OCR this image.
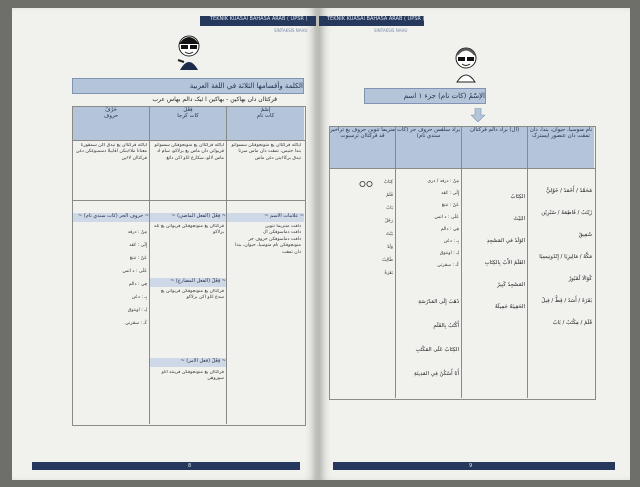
TEKNIK KUASAI BAHASA ARAB ( UPSR )
SINTAKSIS NAHU
الكلمة وأقسامها الثلاثة في اللغة العربية
قرکتاان دان بهاکين - بهاکين ا ئيک دالم بهاس عرب
إسْمٌ
كات نام
فِعْلٌ
كات كرجا
حَرْفٌ
حروف
ايائله قرکتاان يغ منونجوقکن سسواتو بندا جنيس، تمڤت دان ماس سرتا تيدق برکاءيتن دغن ماس
ايائله قرکتاان يغ منونجوقکن سسواتو ڤربواتن دان ماس يغ برلاکو، سام اد ماس لالو، سکارغ اتاو اکن داتغ
ايائله قرکتاان يغ تيدق اکن سمڤورنا معنانا ملاءينکن اڤابيلا دسمبوغکن دغن قرکتاان لاءين
~ علامات الاسم ~
دافت مننريما تنوين
دافت دماسوقکن ال
دافت دماسوقکن حروف جر
منونجوقکن نام منوسيا، حيوان، بندا دان تمڤت
~ فِعْلٌ (الفعل الماضي) ~
قرکتاان يغ منونجوقکن ڤربواتن يغ تله برلاکو
~ فِعْلٌ (الفعل المضارع) ~
قرکتاان يغ منونجوقکن ڤربواتن يغ سدغ اتاو اکن برلاکو
~ فِعْلٌ (فعل الأمر) ~
قرکتاان يغ منونجوقکن ڤرينته اتاو سوروهن
~ حروف الجر (كات سندي نام) ~
مِنْ : درڤد
إِلَى : کڤد
عَنْ : تنتڠ
عَلَى : د اتس
فِي : دالم
بِـ : دڠن
لِـ : اونتوق
كَـ : سڤرتي
8
TEKNIK KUASAI BAHASA ARAB ( UPSR )
SINTAKSIS NAHU
الاِسْمُ (كات نام) جزء ١ اسم
نام منوسيا، حيوان، بندا، دان تمڤت دان عنصور ايسترک
(ال) براد دالم قرکتاان
براد سلڤس حروف جر (كات سندي نام)
منريما تنوين حروف يغ تراخير قد قرکتاان ترسبوت
مُحَمَّدٌ / أَحْمَدُ / خَوْلِيٌّ
زَيْنَبُ / فَاطِمَةُ / سُبْرِيْن
شَفِيقٌ
مَكَّةُ / مَالِيزِيَا / إِنْدُونِيسِيَا
كُوَالَا لُمْبُورْ
بَقَرَةٌ / أَسَدٌ / قِطٌّ / فِيلٌ
قَلَمٌ / مِكْتَبٌ / بَابٌ
الكِتَابُ
البَيْتُ
الوَلَدُ في المَسْجِدِ
القَلَمُ الأَبُ بِالكِتَابِ
المَسْجِدُ كَبِيرٌ
الحَقِيبَةُ جَمِيلَةٌ
مِنْ : درڤد / دري
إِلَى : کڤد
عَنْ : تنتڠ
عَلَى : د اتس
فِي : دالم
بِـ : دڠن
لِـ : اونتوق
كَـ : سڤرتي
ذَهَبَ إِلَى المَدْرَسَةِ
أَكْتُبُ بِالقَلَمِ
الكِتَابُ عَلَى المَكْتَبِ
أَنَا أَسْكُنُ فِي المَدِينَةِ
كِتَابٌ
قَلَمٌ
بَابٌ
رَجُلٌ
بَيْتٌ
وَلَدٌ
طَالِبٌ
بَقَرَةٌ
9
